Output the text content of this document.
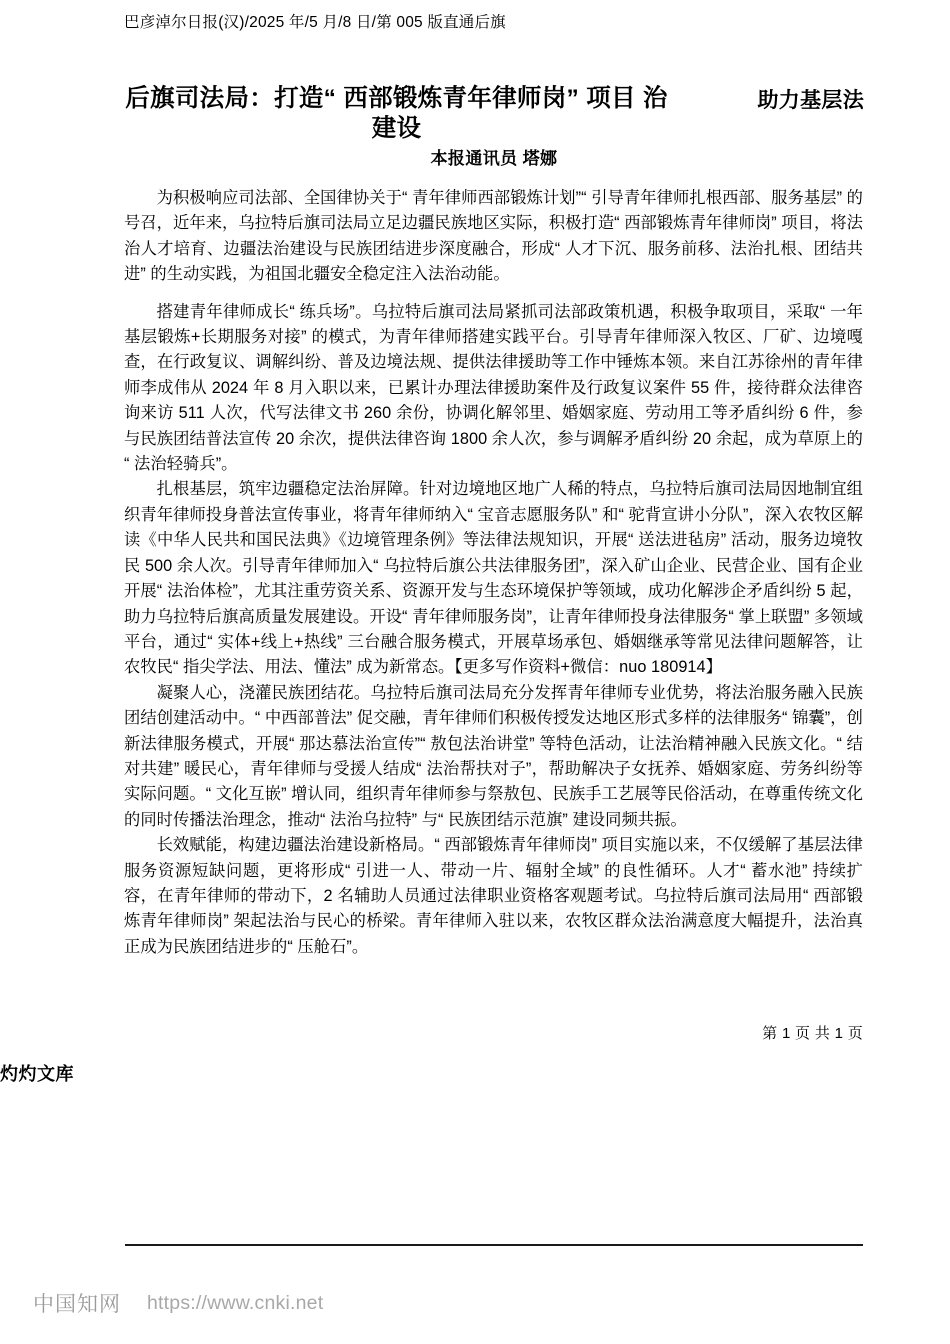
巴彦淖尔日报(汉)/2025 年/5 月/8 日/第 005 版直通后旗
后旗司法局：打造“ 西部锻炼青年律师岗” 项目 治建设
助力基层法
本报通讯员 塔娜

为积极响应司法部、全国律协关于“ 青年律师西部锻炼计划”“ 引导青年律师扎根西部、服务基层” 的号召，近年来，乌拉特后旗司法局立足边疆民族地区实际，积极打造“ 西部锻炼青年律师岗” 项目，将法治人才培育、边疆法治建设与民族团结进步深度融合，形成“ 人才下沉、服务前移、法治扎根、团结共进” 的生动实践，为祖国北疆安全稳定注入法治动能。

搭建青年律师成长“ 练兵场”。乌拉特后旗司法局紧抓司法部政策机遇，积极争取项目，采取“ 一年基层锻炼+长期服务对接” 的模式，为青年律师搭建实践平台。引导青年律师深入牧区、厂矿、边境嘎查，在行政复议、调解纠纷、普及边境法规、提供法律援助等工作中锤炼本领。来自江苏徐州的青年律师李成伟从 2024 年 8 月入职以来，已累计办理法律援助案件及行政复议案件 55 件，接待群众法律咨询来访 511 人次，代写法律文书 260 余份，协调化解邻里、婚姻家庭、劳动用工等矛盾纠纷 6 件，参与民族团结普法宣传 20 余次，提供法律咨询 1800 余人次，参与调解矛盾纠纷 20 余起，成为草原上的“ 法治轻骑兵”。

扎根基层，筑牢边疆稳定法治屏障。针对边境地区地广人稀的特点，乌拉特后旗司法局因地制宜组织青年律师投身普法宣传事业，将青年律师纳入“ 宝音志愿服务队” 和“ 驼背宣讲小分队”，深入农牧区解读《中华人民共和国民法典》《边境管理条例》等法律法规知识，开展“ 送法进毡房” 活动，服务边境牧民 500 余人次。引导青年律师加入“ 乌拉特后旗公共法律服务团”，深入矿山企业、民营企业、国有企业开展“ 法治体检”，尤其注重劳资关系、资源开发与生态环境保护等领域，成功化解涉企矛盾纠纷 5 起，助力乌拉特后旗高质量发展建设。开设“ 青年律师服务岗”，让青年律师投身法律服务“ 掌上联盟” 多领域平台，通过“ 实体+线上+热线” 三台融合服务模式，开展草场承包、婚姻继承等常见法律问题解答，让农牧民“ 指尖学法、用法、懂法” 成为新常态。【更多写作资料+微信：nuo 180914】

凝聚人心，浇灌民族团结花。乌拉特后旗司法局充分发挥青年律师专业优势，将法治服务融入民族团结创建活动中。“ 中西部普法” 促交融，青年律师们积极传授发达地区形式多样的法律服务“ 锦囊”，创新法律服务模式，开展“ 那达慕法治宣传”“ 敖包法治讲堂” 等特色活动，让法治精神融入民族文化。“ 结对共建” 暖民心，青年律师与受援人结成“ 法治帮扶对子”，帮助解决子女抚养、婚姻家庭、劳务纠纷等实际问题。“ 文化互嵌” 增认同，组织青年律师参与祭敖包、民族手工艺展等民俗活动，在尊重传统文化的同时传播法治理念，推动“ 法治乌拉特” 与“ 民族团结示范旗” 建设同频共振。

长效赋能，构建边疆法治建设新格局。“ 西部锻炼青年律师岗” 项目实施以来，不仅缓解了基层法律服务资源短缺问题，更将形成“ 引进一人、带动一片、辐射全域” 的良性循环。人才“ 蓄水池” 持续扩容，在青年律师的带动下，2 名辅助人员通过法律职业资格客观题考试。乌拉特后旗司法局用“ 西部锻炼青年律师岗” 架起法治与民心的桥梁。青年律师入驻以来，农牧区群众法治满意度大幅提升，法治真正成为民族团结进步的“ 压舱石”。

第 1 页 共 1 页
灼灼文库
中国知网 https://www.cnki.net
